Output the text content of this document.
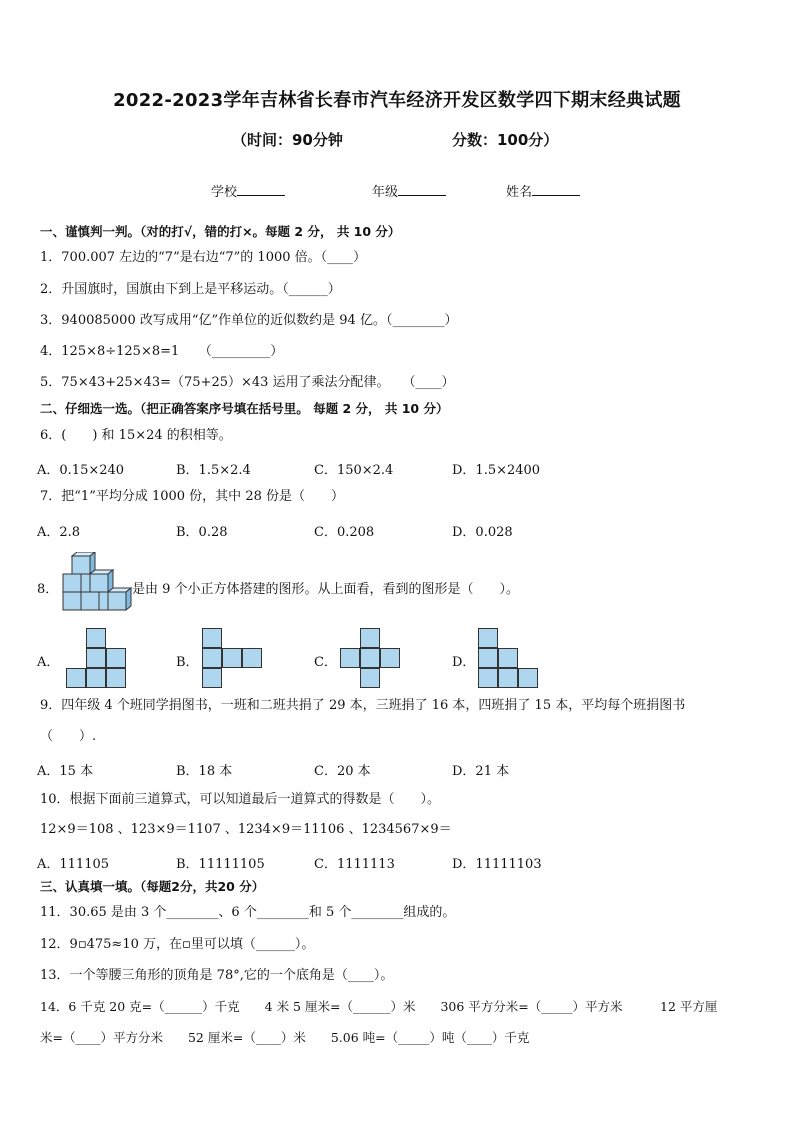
2022-2023学年吉林省长春市汽车经济开发区数学四下期末经典试题
（时间：90分钟	分数：100分）
学校	年级	姓名
一、谨慎判一判。（对的打√，错的打×。每题 2 分， 共 10 分）
1．700.007 左边的“7”是右边“7”的 1000 倍。（____）
2．升国旗时，国旗由下到上是平移运动。（______）
3．940085000 改写成用“亿”作单位的近似数约是 94 亿。（________）
4．125×8÷125×8=1　　（_________）
5．75×43+25×43=（75+25）×43 运用了乘法分配律。　　（____）
二、仔细选一选。（把正确答案序号填在括号里。 每题 2 分， 共 10 分）
6．(　　) 和 15×24 的积相等。
A．0.15×240	B．1.5×2.4	C．150×2.4	D．1.5×2400
7．把“1”平均分成 1000 份，其中 28 份是（　　）
A．2.8	B．0.28	C．0.208	D．0.028
8．	是由 9 个小正方体搭建的图形。从上面看，看到的图形是（　　）。
A．	B．	C．	D．
9．四年级 4 个班同学捐图书，一班和二班共捐了 29 本，三班捐了 16 本，四班捐了 15 本，平均每个班捐图书
（　　）.
A．15 本	B．18 本	C．20 本	D．21 本
10．根据下面前三道算式，可以知道最后一道算式的得数是（　　）。
12×9＝108 、123×9＝1107 、1234×9＝11106 、1234567×9＝
A．111105	B．11111105	C．1111113	D．11111103
三、认真填一填。（每题2分，共20 分）
11．30.65 是由 3 个________、6 个________和 5 个________组成的。
12．9▫475≈10 万，在▫里可以填（______）。
13．一个等腰三角形的顶角是 78°,它的一个底角是（____）。
14．6 千克 20 克=（______）千克　　4 米 5 厘米=（______）米　　306 平方分米=（_____）平方米　　　12 平方厘
米=（____）平方分米　　52 厘米=（____）米　　5.06 吨=（_____）吨（____）千克
